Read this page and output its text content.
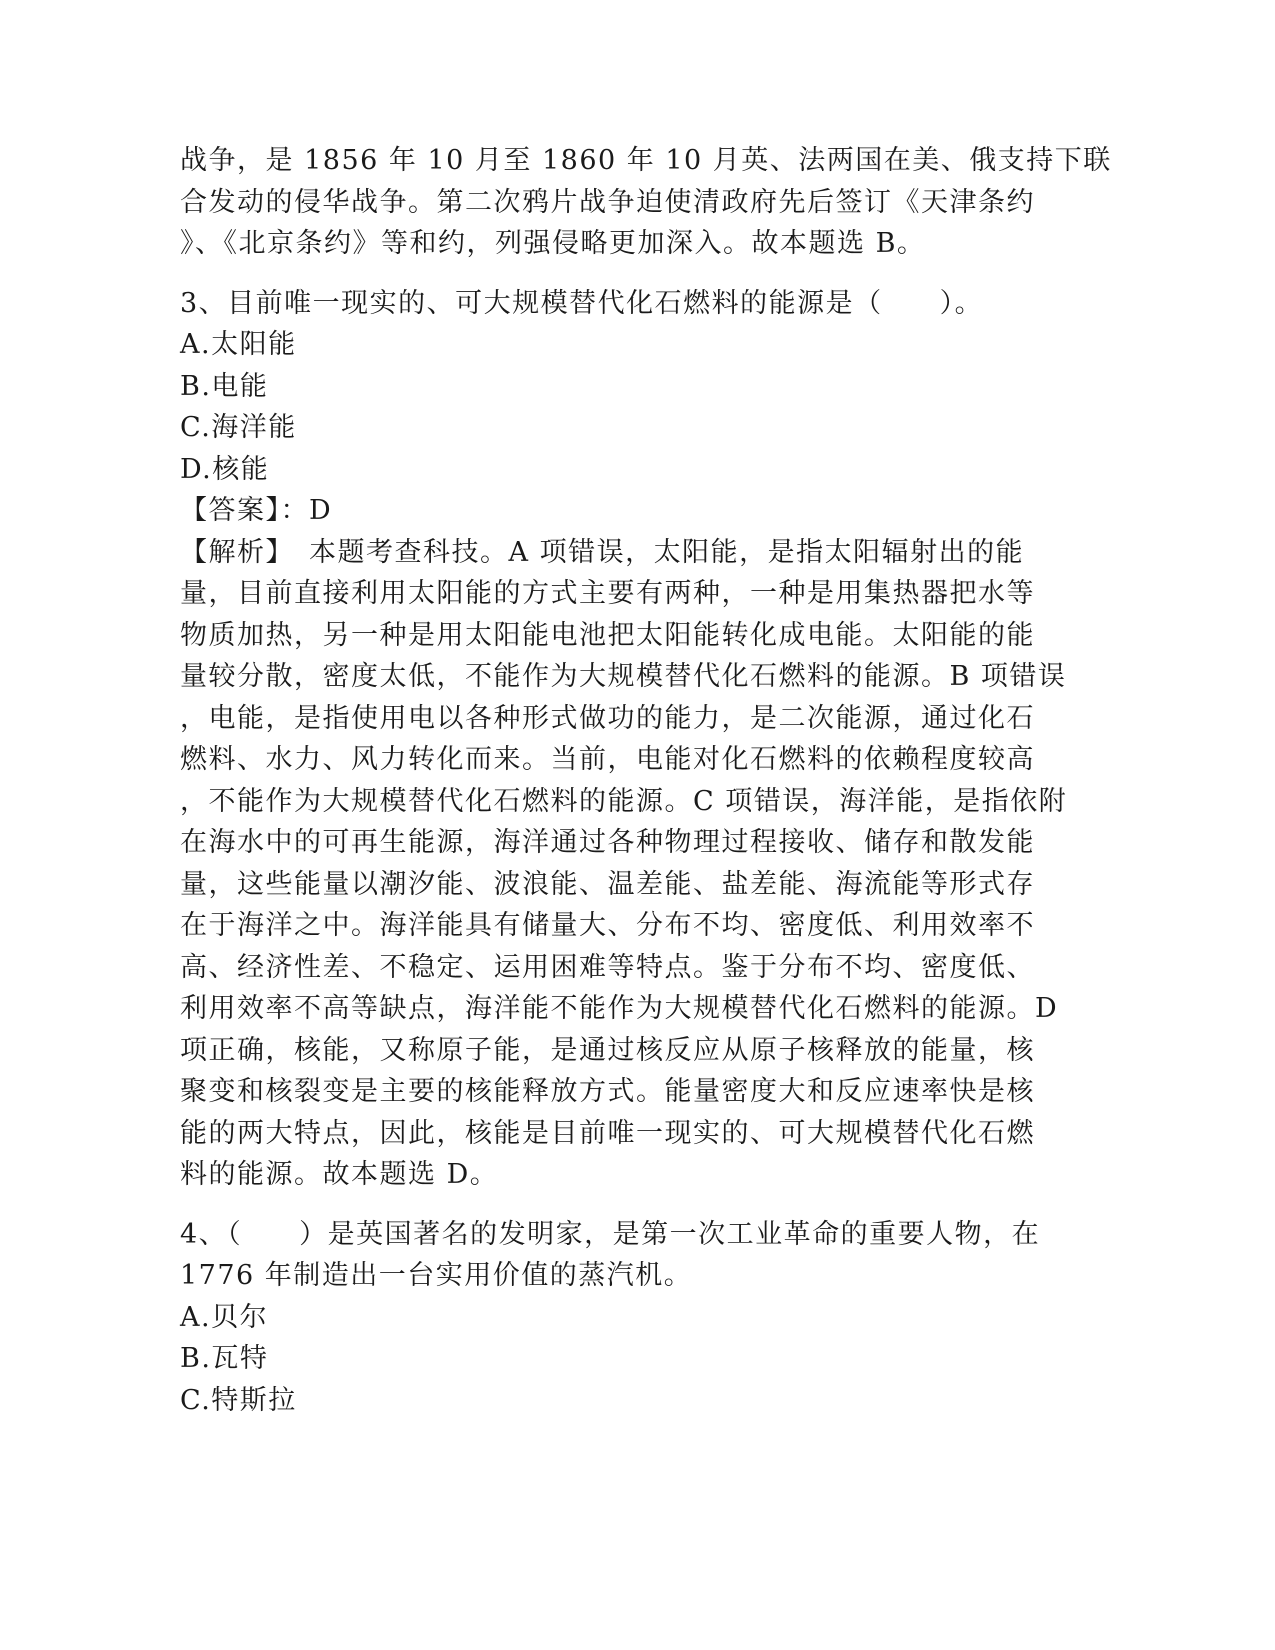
战争，是 1856 年 10 月至 1860 年 10 月英、法两国在美、俄支持下联
合发动的侵华战争。第二次鸦片战争迫使清政府先后签订《天津条约
》、《北京条约》等和约，列强侵略更加深入。故本题选 B。
3、目前唯一现实的、可大规模替代化石燃料的能源是（　　）。
A.太阳能
B.电能
C.海洋能
D.核能
【答案】：D
【解析】　本题考查科技。A 项错误，太阳能，是指太阳辐射出的能
量，目前直接利用太阳能的方式主要有两种，一种是用集热器把水等
物质加热，另一种是用太阳能电池把太阳能转化成电能。太阳能的能
量较分散，密度太低，不能作为大规模替代化石燃料的能源。B 项错误
，电能，是指使用电以各种形式做功的能力，是二次能源，通过化石
燃料、水力、风力转化而来。当前，电能对化石燃料的依赖程度较高
，不能作为大规模替代化石燃料的能源。C 项错误，海洋能，是指依附
在海水中的可再生能源，海洋通过各种物理过程接收、储存和散发能
量，这些能量以潮汐能、波浪能、温差能、盐差能、海流能等形式存
在于海洋之中。海洋能具有储量大、分布不均、密度低、利用效率不
高、经济性差、不稳定、运用困难等特点。鉴于分布不均、密度低、
利用效率不高等缺点，海洋能不能作为大规模替代化石燃料的能源。D
项正确，核能，又称原子能，是通过核反应从原子核释放的能量，核
聚变和核裂变是主要的核能释放方式。能量密度大和反应速率快是核
能的两大特点，因此，核能是目前唯一现实的、可大规模替代化石燃
料的能源。故本题选 D。
4、（　　）是英国著名的发明家，是第一次工业革命的重要人物，在
1776 年制造出一台实用价值的蒸汽机。
A.贝尔
B.瓦特
C.特斯拉
